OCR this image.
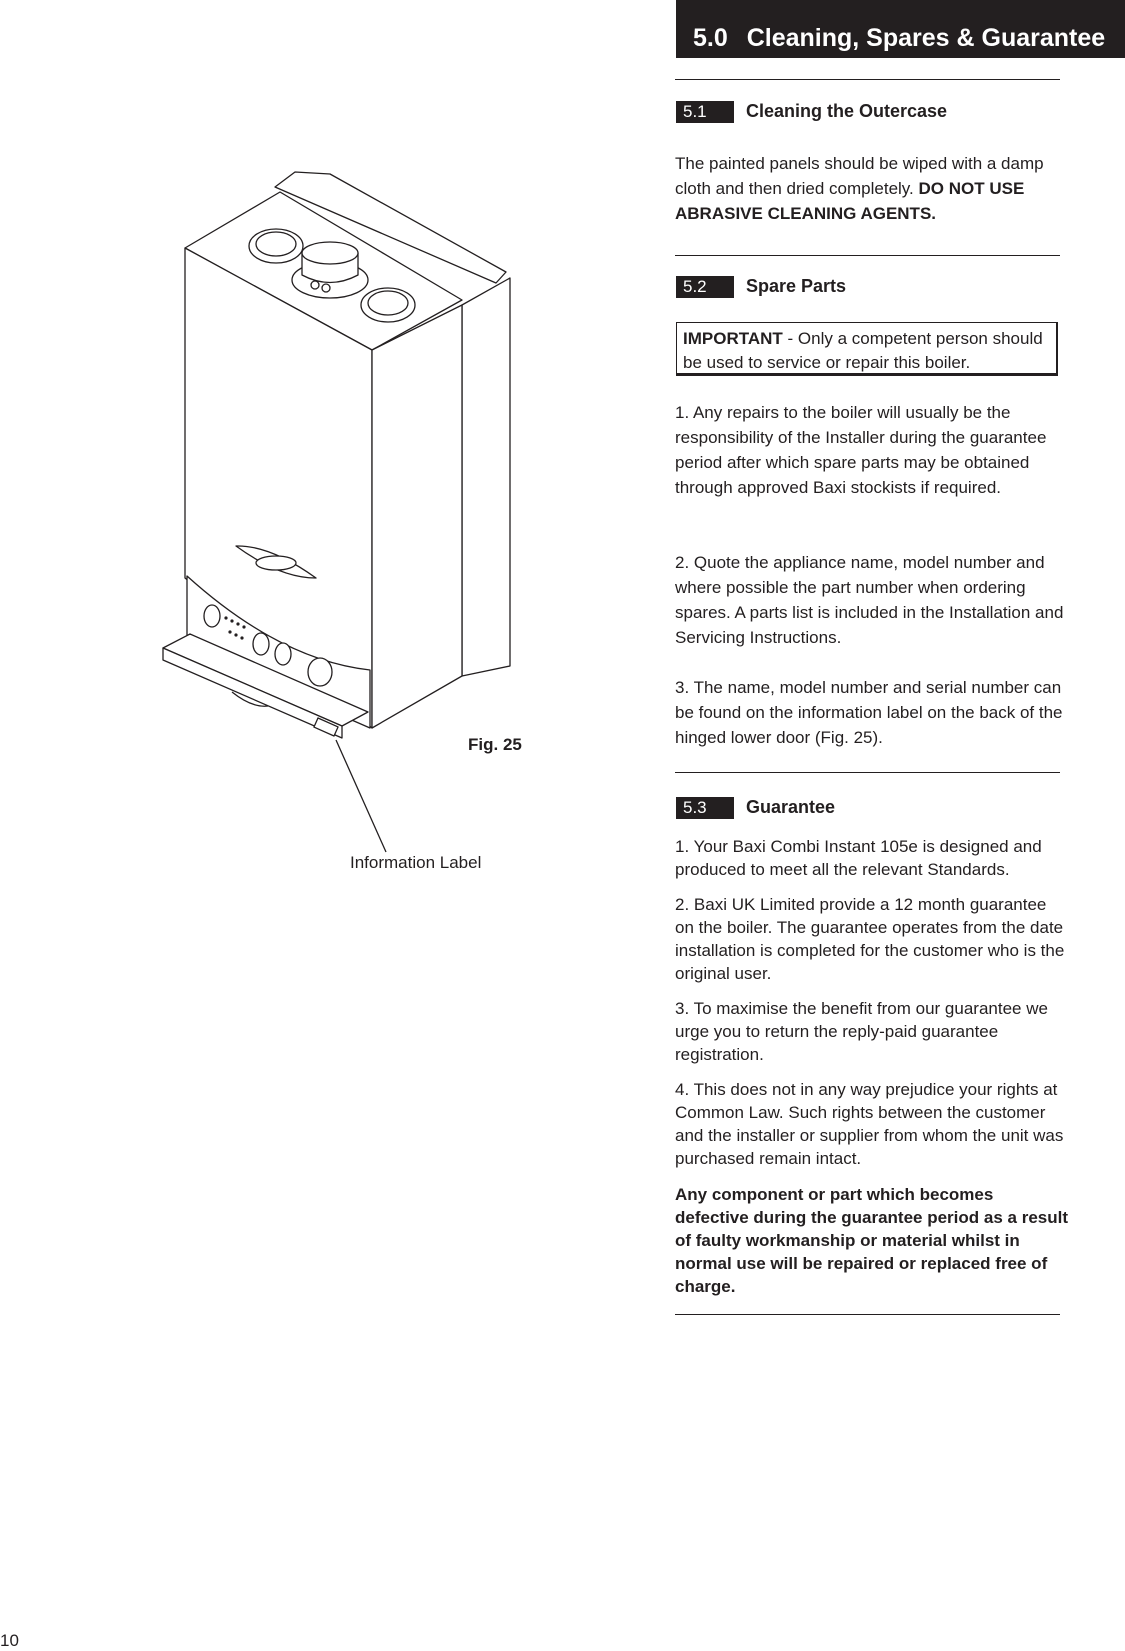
5.0 Cleaning, Spares & Guarantee
5.1	Cleaning the Outercase
The painted panels should be wiped with a damp cloth and then dried completely. DO NOT USE ABRASIVE CLEANING AGENTS.
5.2	Spare Parts
IMPORTANT - Only a competent person should be used to service or repair this boiler.
1. Any repairs to the boiler will usually be the responsibility of the Installer during the guarantee period after which spare parts may be obtained through approved Baxi stockists if required.
2. Quote the appliance name, model number and where possible the part number when ordering spares. A parts list is included in the Installation and Servicing Instructions.
3. The name, model number and serial number can be found on the information label on the back of the hinged lower door (Fig. 25).
5.3	Guarantee
1. Your Baxi Combi Instant 105e is designed and produced to meet all the relevant Standards.
2. Baxi UK Limited provide a 12 month guarantee on the boiler. The guarantee operates from the date installation is completed for the customer who is the original user.
3. To maximise the benefit from our guarantee we urge you to return the reply-paid guarantee registration.
4. This does not in any way prejudice your rights at Common Law. Such rights between the customer and the installer or supplier from whom the unit was purchased remain intact.
Any component or part which becomes defective during the guarantee period as a result of faulty workmanship or material whilst in normal use will be repaired or replaced free of charge.
Fig. 25
Information Label
10
